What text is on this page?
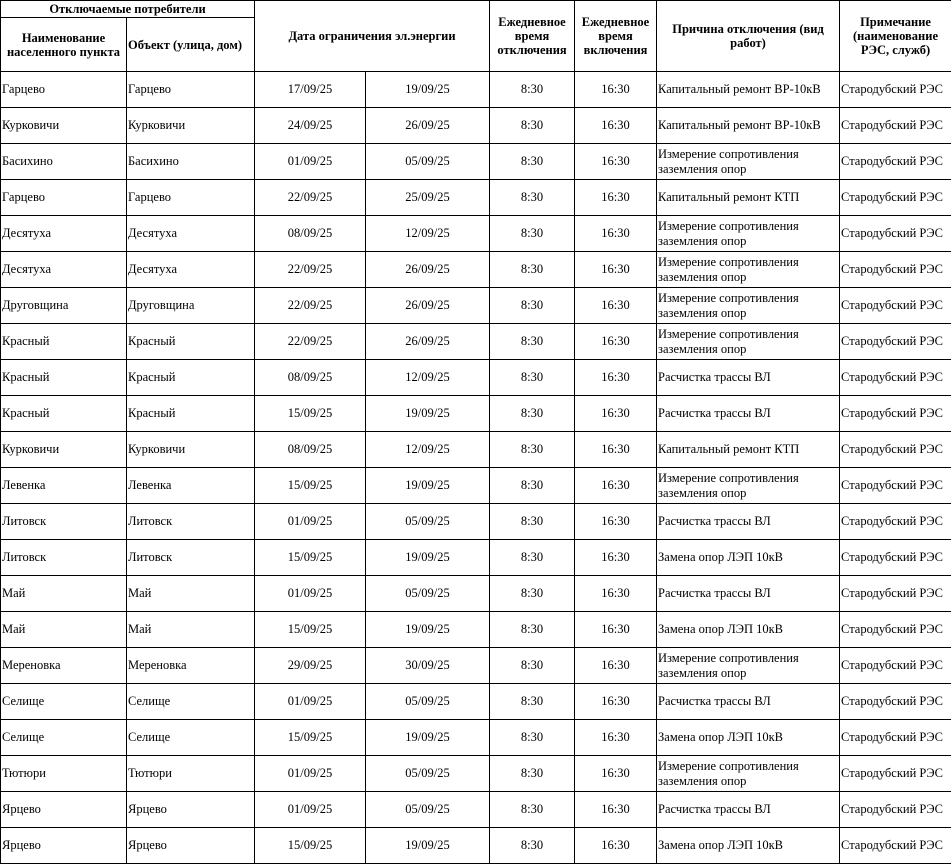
Отключаемые потребители		Дата ограничения эл.энергии		Ежедневное время отключения	Ежедневное время включения	Причина отключения (вид работ)	Примечание (наименование РЭС, служб)
Наименование населенного пункта	Объект (улица, дом)						
Гарцево	Гарцево	17/09/25	19/09/25	8:30	16:30	Капитальный ремонт ВР-10кВ	Стародубский РЭС
Курковичи	Курковичи	24/09/25	26/09/25	8:30	16:30	Капитальный ремонт ВР-10кВ	Стародубский РЭС
Басихино	Басихино	01/09/25	05/09/25	8:30	16:30	Измерение сопротивления заземления опор	Стародубский РЭС
Гарцево	Гарцево	22/09/25	25/09/25	8:30	16:30	Капитальный ремонт КТП	Стародубский РЭС
Десятуха	Десятуха	08/09/25	12/09/25	8:30	16:30	Измерение сопротивления заземления опор	Стародубский РЭС
Десятуха	Десятуха	22/09/25	26/09/25	8:30	16:30	Измерение сопротивления заземления опор	Стародубский РЭС
Друговщина	Друговщина	22/09/25	26/09/25	8:30	16:30	Измерение сопротивления заземления опор	Стародубский РЭС
Красный	Красный	22/09/25	26/09/25	8:30	16:30	Измерение сопротивления заземления опор	Стародубский РЭС
Красный	Красный	08/09/25	12/09/25	8:30	16:30	Расчистка трассы ВЛ	Стародубский РЭС
Красный	Красный	15/09/25	19/09/25	8:30	16:30	Расчистка трассы ВЛ	Стародубский РЭС
Курковичи	Курковичи	08/09/25	12/09/25	8:30	16:30	Капитальный ремонт КТП	Стародубский РЭС
Левенка	Левенка	15/09/25	19/09/25	8:30	16:30	Измерение сопротивления заземления опор	Стародубский РЭС
Литовск	Литовск	01/09/25	05/09/25	8:30	16:30	Расчистка трассы ВЛ	Стародубский РЭС
Литовск	Литовск	15/09/25	19/09/25	8:30	16:30	Замена опор ЛЭП 10кВ	Стародубский РЭС
Май	Май	01/09/25	05/09/25	8:30	16:30	Расчистка трассы ВЛ	Стародубский РЭС
Май	Май	15/09/25	19/09/25	8:30	16:30	Замена опор ЛЭП 10кВ	Стародубский РЭС
Мереновка	Мереновка	29/09/25	30/09/25	8:30	16:30	Измерение сопротивления заземления опор	Стародубский РЭС
Селище	Селище	01/09/25	05/09/25	8:30	16:30	Расчистка трассы ВЛ	Стародубский РЭС
Селище	Селище	15/09/25	19/09/25	8:30	16:30	Замена опор ЛЭП 10кВ	Стародубский РЭС
Тютюри	Тютюри	01/09/25	05/09/25	8:30	16:30	Измерение сопротивления заземления опор	Стародубский РЭС
Ярцево	Ярцево	01/09/25	05/09/25	8:30	16:30	Расчистка трассы ВЛ	Стародубский РЭС
Ярцево	Ярцево	15/09/25	19/09/25	8:30	16:30	Замена опор ЛЭП 10кВ	Стародубский РЭС
